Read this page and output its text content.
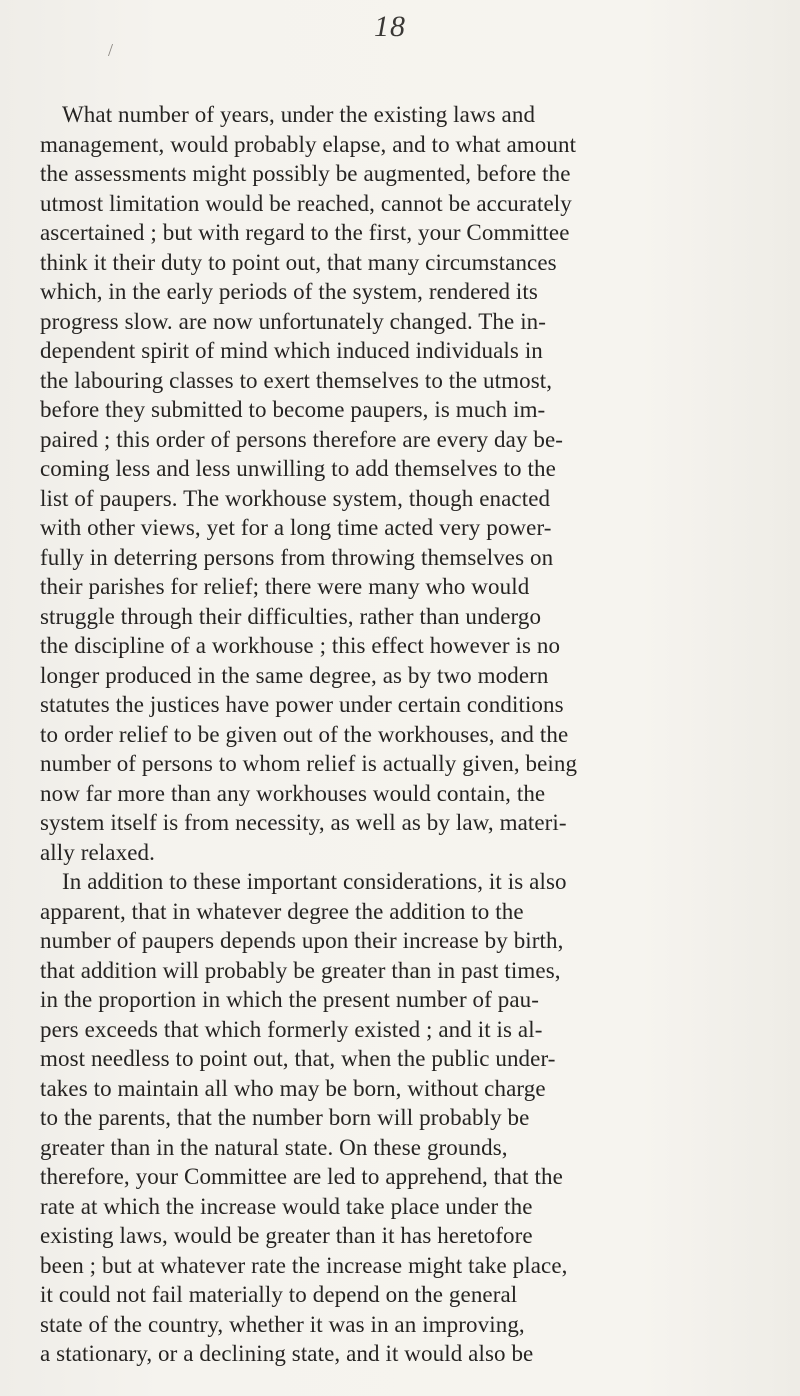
/
18
What number of years, under the existing laws and
management, would probably elapse, and to what amount
the assessments might possibly be augmented, before the
utmost limitation would be reached, cannot be accurately
ascertained ; but with regard to the first, your Committee
think it their duty to point out, that many circumstances
which, in the early periods of the system, rendered its
progress slow. are now unfortunately changed. The in-
dependent spirit of mind which induced individuals in
the labouring classes to exert themselves to the utmost,
before they submitted to become paupers, is much im-
paired ; this order of persons therefore are every day be-
coming less and less unwilling to add themselves to the
list of paupers. The workhouse system, though enacted
with other views, yet for a long time acted very power-
fully in deterring persons from throwing themselves on
their parishes for relief; there were many who would
struggle through their difficulties, rather than undergo
the discipline of a workhouse ; this effect however is no
longer produced in the same degree, as by two modern
statutes the justices have power under certain conditions
to order relief to be given out of the workhouses, and the
number of persons to whom relief is actually given, being
now far more than any workhouses would contain, the
system itself is from necessity, as well as by law, materi-
ally relaxed.
In addition to these important considerations, it is also
apparent, that in whatever degree the addition to the
number of paupers depends upon their increase by birth,
that addition will probably be greater than in past times,
in the proportion in which the present number of pau-
pers exceeds that which formerly existed ; and it is al-
most needless to point out, that, when the public under-
takes to maintain all who may be born, without charge
to the parents, that the number born will probably be
greater than in the natural state. On these grounds,
therefore, your Committee are led to apprehend, that the
rate at which the increase would take place under the
existing laws, would be greater than it has heretofore
been ; but at whatever rate the increase might take place,
it could not fail materially to depend on the general
state of the country, whether it was in an improving,
a stationary, or a declining state, and it would also be
